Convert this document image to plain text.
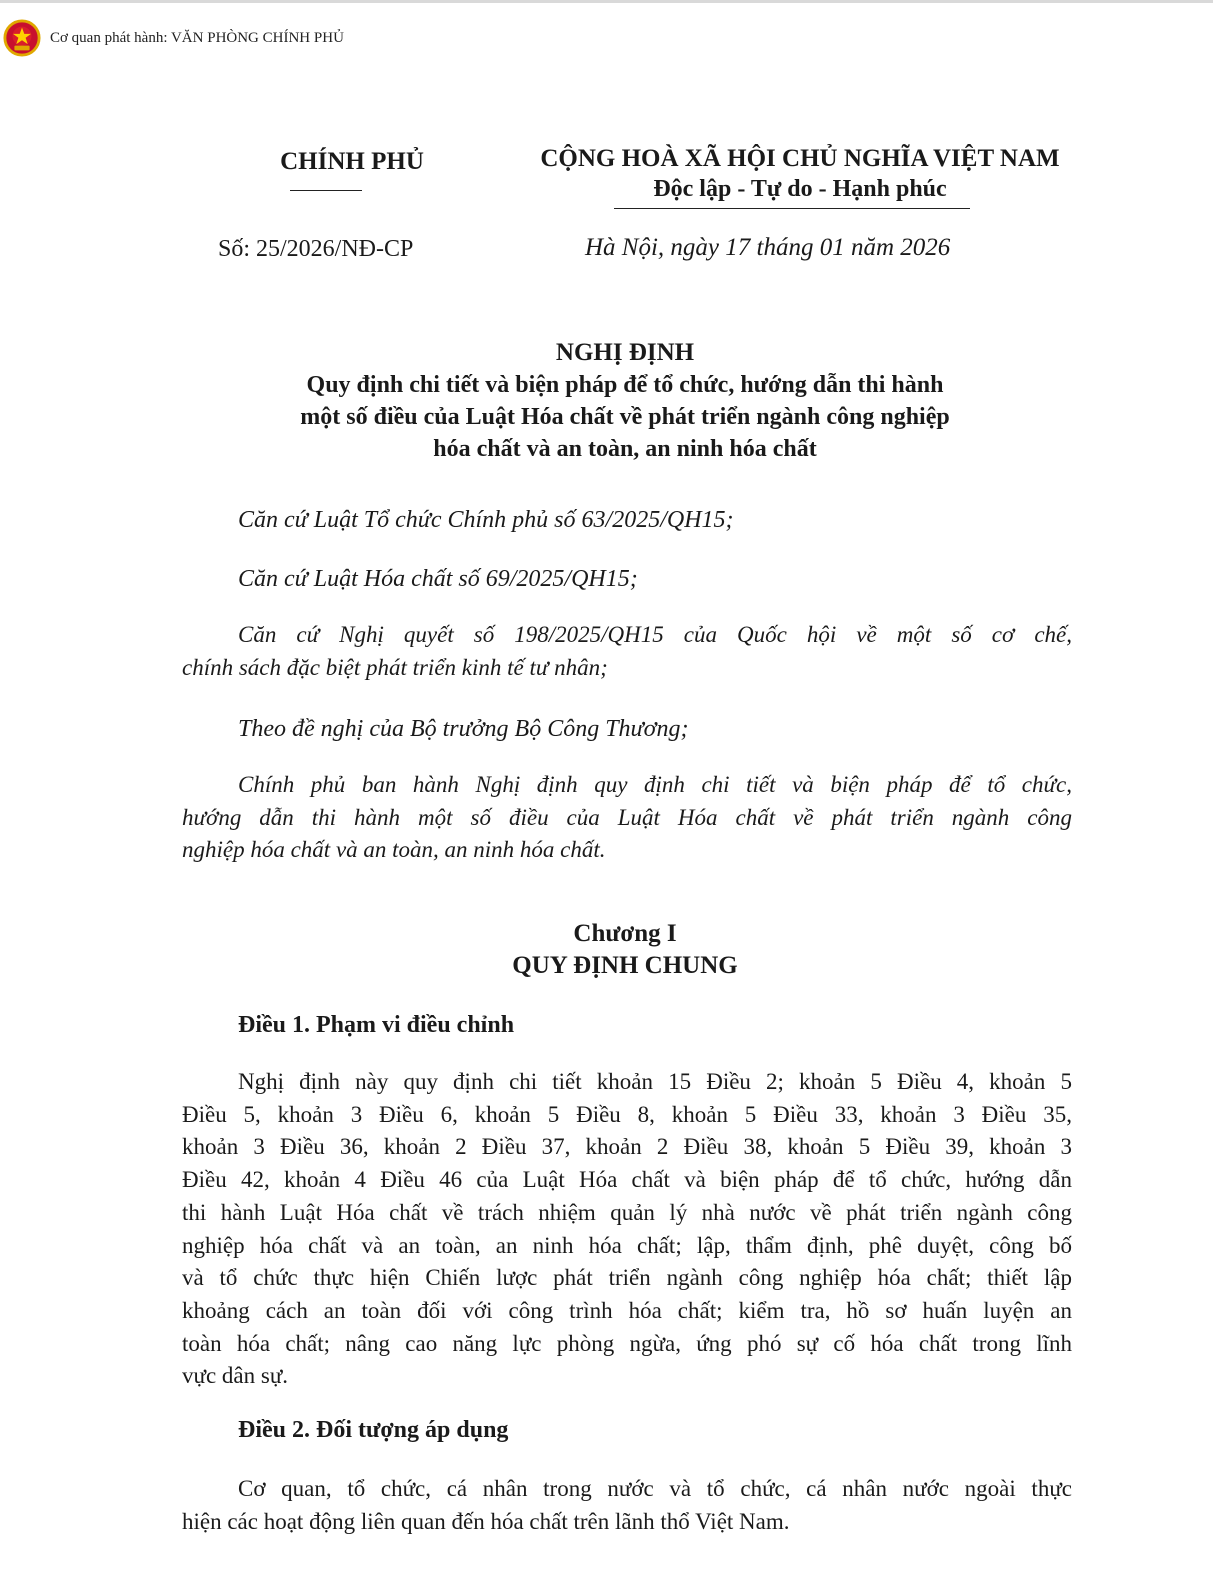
Cơ quan phát hành: VĂN PHÒNG CHÍNH PHỦ
CHÍNH PHỦ	CỘNG HOÀ XÃ HỘI CHỦ NGHĨA VIỆT NAM
Độc lập - Tự do - Hạnh phúc
Số: 25/2026/NĐ-CP	Hà Nội, ngày 17 tháng 01 năm 2026
NGHỊ ĐỊNH
Quy định chi tiết và biện pháp để tổ chức, hướng dẫn thi hành
một số điều của Luật Hóa chất về phát triển ngành công nghiệp
hóa chất và an toàn, an ninh hóa chất
Căn cứ Luật Tổ chức Chính phủ số 63/2025/QH15;
Căn cứ Luật Hóa chất số 69/2025/QH15;
Căn cứ Nghị quyết số 198/2025/QH15 của Quốc hội về một số cơ chế,
chính sách đặc biệt phát triển kinh tế tư nhân;
Theo đề nghị của Bộ trưởng Bộ Công Thương;
Chính phủ ban hành Nghị định quy định chi tiết và biện pháp để tổ chức,
hướng dẫn thi hành một số điều của Luật Hóa chất về phát triển ngành công
nghiệp hóa chất và an toàn, an ninh hóa chất.
Chương I
QUY ĐỊNH CHUNG
Điều 1. Phạm vi điều chỉnh
Nghị định này quy định chi tiết khoản 15 Điều 2; khoản 5 Điều 4, khoản 5
Điều 5, khoản 3 Điều 6, khoản 5 Điều 8, khoản 5 Điều 33, khoản 3 Điều 35,
khoản 3 Điều 36, khoản 2 Điều 37, khoản 2 Điều 38, khoản 5 Điều 39, khoản 3
Điều 42, khoản 4 Điều 46 của Luật Hóa chất và biện pháp để tổ chức, hướng dẫn
thi hành Luật Hóa chất về trách nhiệm quản lý nhà nước về phát triển ngành công
nghiệp hóa chất và an toàn, an ninh hóa chất; lập, thẩm định, phê duyệt, công bố
và tổ chức thực hiện Chiến lược phát triển ngành công nghiệp hóa chất; thiết lập
khoảng cách an toàn đối với công trình hóa chất; kiểm tra, hồ sơ huấn luyện an
toàn hóa chất; nâng cao năng lực phòng ngừa, ứng phó sự cố hóa chất trong lĩnh
vực dân sự.
Điều 2. Đối tượng áp dụng
Cơ quan, tổ chức, cá nhân trong nước và tổ chức, cá nhân nước ngoài thực
hiện các hoạt động liên quan đến hóa chất trên lãnh thổ Việt Nam.
